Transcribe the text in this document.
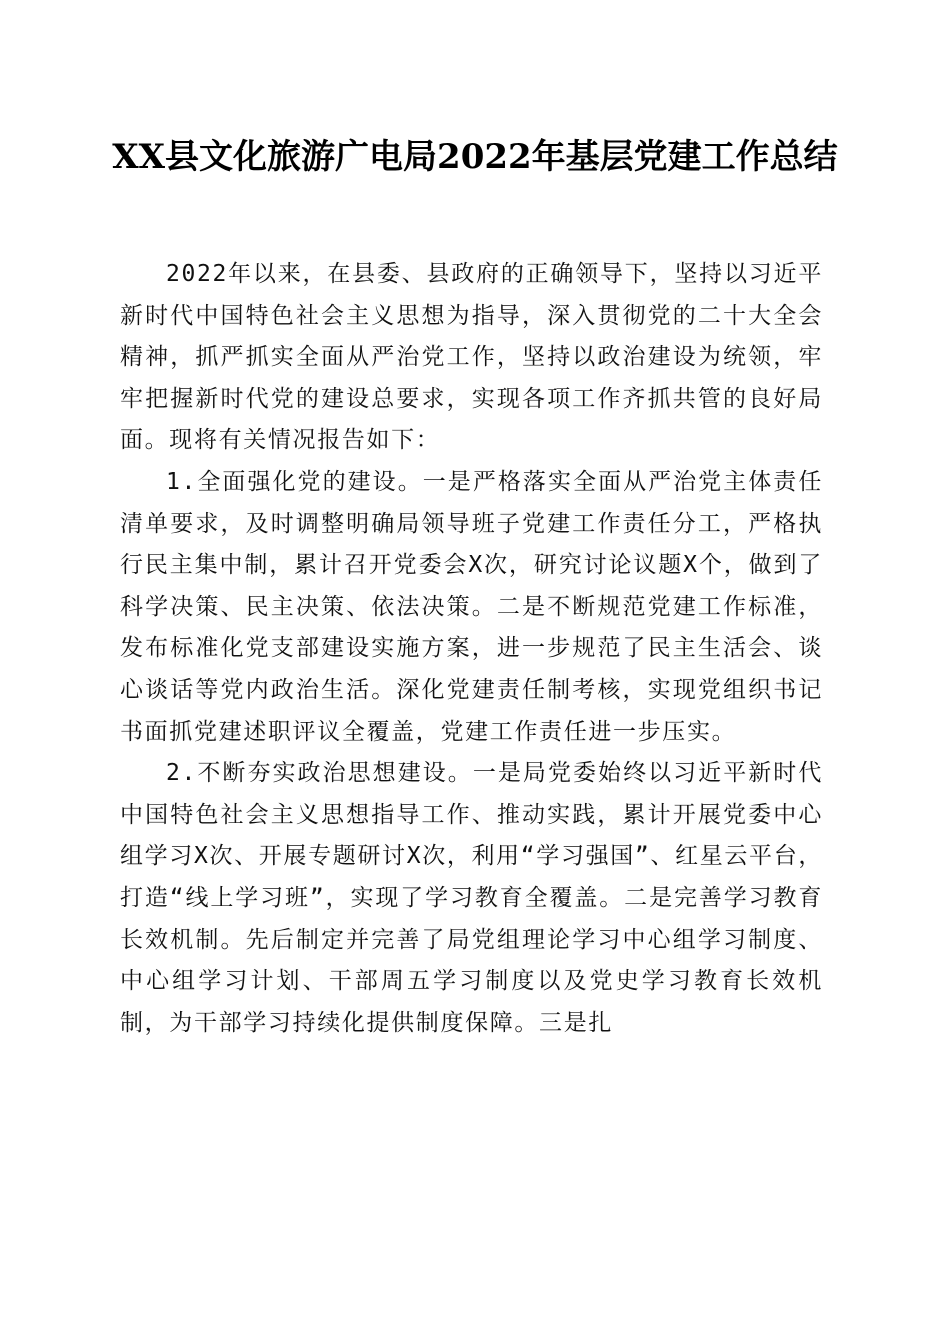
XX县文化旅游广电局2022年基层党建工作总结

2022年以来，在县委、县政府的正确领导下，坚持以习近平新时代中国特色社会主义思想为指导，深入贯彻党的二十大全会精神，抓严抓实全面从严治党工作，坚持以政治建设为统领，牢牢把握新时代党的建设总要求，实现各项工作齐抓共管的良好局面。现将有关情况报告如下：

1.全面强化党的建设。一是严格落实全面从严治党主体责任清单要求，及时调整明确局领导班子党建工作责任分工，严格执行民主集中制，累计召开党委会X次，研究讨论议题X个，做到了科学决策、民主决策、依法决策。二是不断规范党建工作标准，发布标准化党支部建设实施方案，进一步规范了民主生活会、谈心谈话等党内政治生活。深化党建责任制考核，实现党组织书记书面抓党建述职评议全覆盖，党建工作责任进一步压实。

2.不断夯实政治思想建设。一是局党委始终以习近平新时代中国特色社会主义思想指导工作、推动实践，累计开展党委中心组学习X次、开展专题研讨X次，利用“学习强国”、红星云平台，打造“线上学习班”，实现了学习教育全覆盖。二是完善学习教育长效机制。先后制定并完善了局党组理论学习中心组学习制度、中心组学习计划、干部周五学习制度以及党史学习教育长效机制，为干部学习持续化提供制度保障。三是扎
